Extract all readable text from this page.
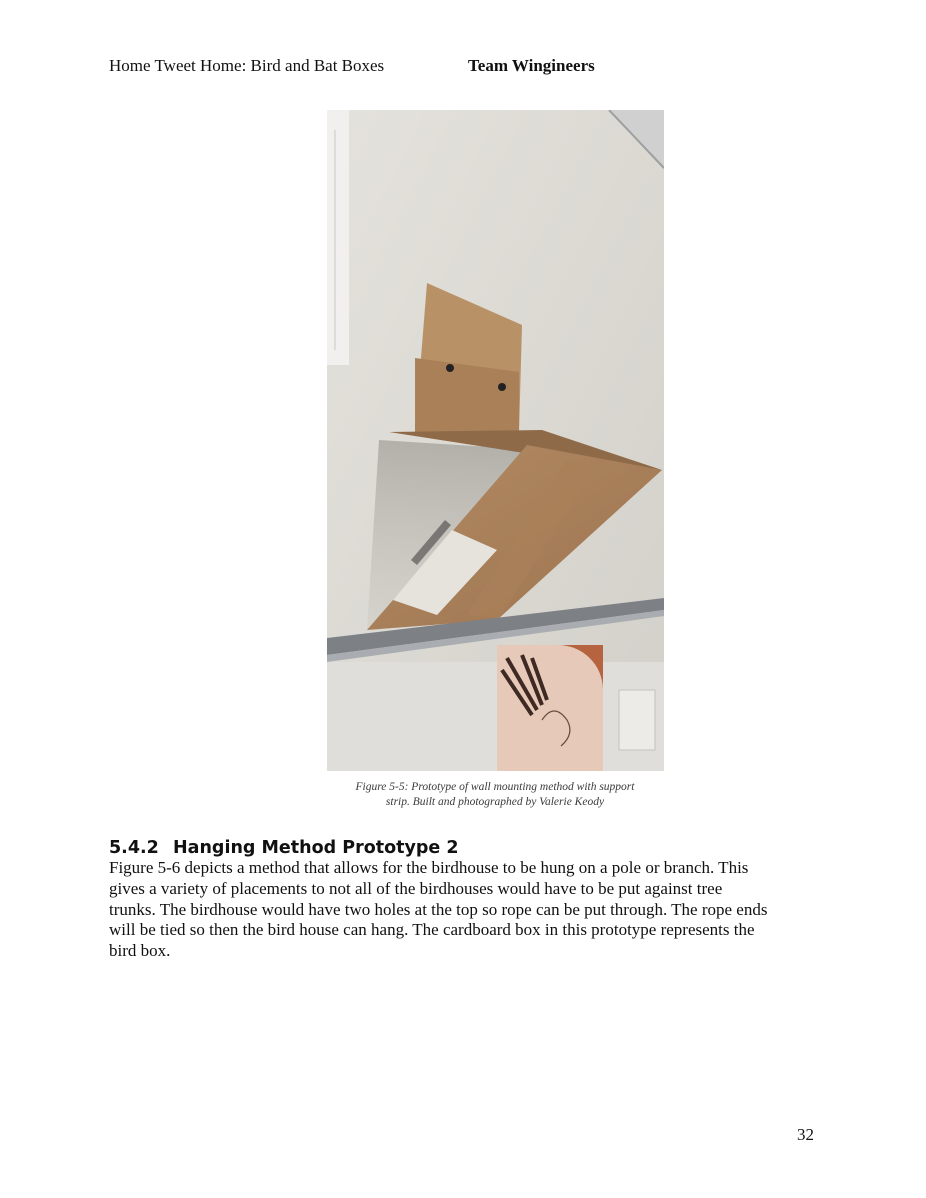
Home Tweet Home: Bird and Bat Boxes	Team Wingineers
Figure 5-5: Prototype of wall mounting method with support
strip. Built and photographed by Valerie Keody
5.4.2 Hanging Method Prototype 2
Figure 5-6 depicts a method that allows for the birdhouse to be hung on a pole or branch. This
gives a variety of placements to not all of the birdhouses would have to be put against tree
trunks. The birdhouse would have two holes at the top so rope can be put through. The rope ends
will be tied so then the bird house can hang. The cardboard box in this prototype represents the
bird box.
32
